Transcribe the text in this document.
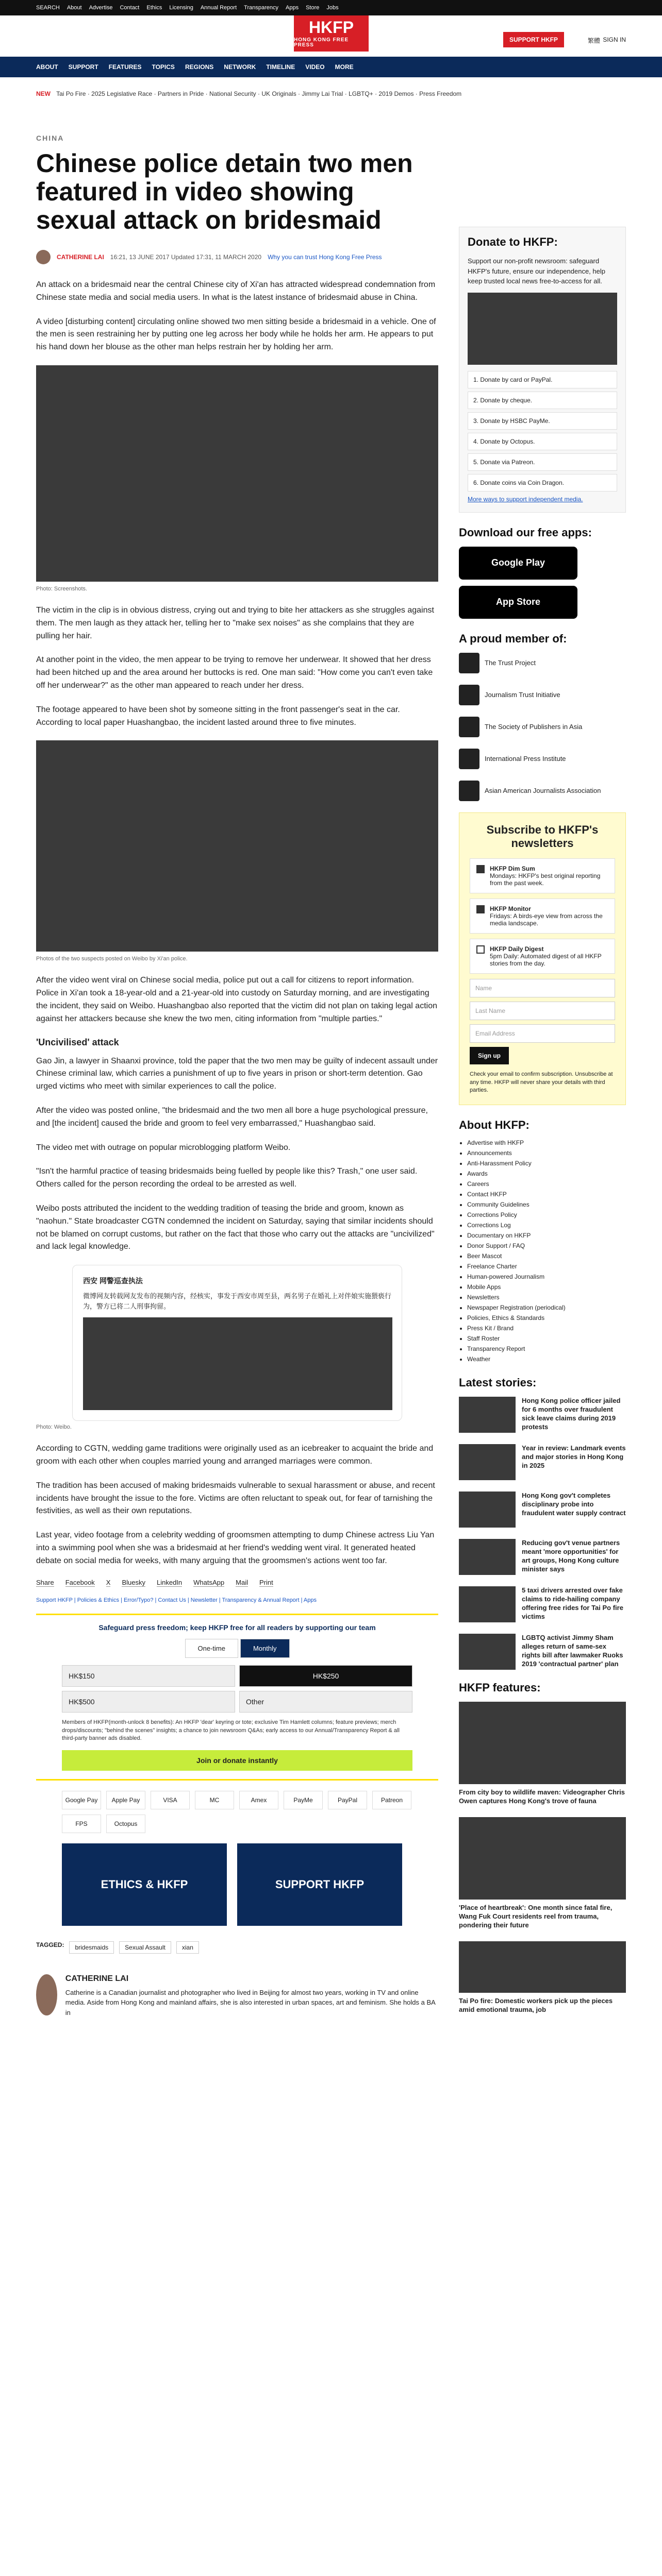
SEARCH About Advertise Contact Ethics Licensing Annual Report Transparency Apps Store Jobs
HKFP
HONG KONG FREE PRESS
SUPPORT HKFP	繁體 SIGN IN
ABOUT SUPPORT FEATURES TOPICS REGIONS NETWORK TIMELINE VIDEO MORE
NEW Tai Po Fire · 2025 Legislative Race · Partners in Pride · National Security · UK Originals · Jimmy Lai Trial · LGBTQ+ · 2019 Demos · Press Freedom
CHINA
Chinese police detain two men featured in video showing sexual attack on bridesmaid
CATHERINE LAI 16:21, 13 JUNE 2017 Updated 17:31, 11 MARCH 2020 Why you can trust Hong Kong Free Press

An attack on a bridesmaid near the central Chinese city of Xi'an has attracted widespread condemnation from Chinese state media and social media users. In what is the latest instance of bridesmaid abuse in China.

A video [disturbing content] circulating online showed two men sitting beside a bridesmaid in a vehicle. One of the men is seen restraining her by putting one leg across her body while he holds her arm. He appears to put his hand down her blouse as the other man helps restrain her by holding her arm.

Photo: Screenshots.

The victim in the clip is in obvious distress, crying out and trying to bite her attackers as she struggles against them. The men laugh as they attack her, telling her to "make sex noises" as she complains that they are pulling her hair.

At another point in the video, the men appear to be trying to remove her underwear. It showed that her dress had been hitched up and the area around her buttocks is red. One man said: "How come you can't even take off her underwear?" as the other man appeared to reach under her dress.

The footage appeared to have been shot by someone sitting in the front passenger's seat in the car. According to local paper Huashangbao, the incident lasted around three to five minutes.

Photos of the two suspects posted on Weibo by Xi'an police.

After the video went viral on Chinese social media, police put out a call for citizens to report information. Police in Xi'an took a 18-year-old and a 21-year-old into custody on Saturday morning, and are investigating the incident, they said on Weibo. Huashangbao also reported that the victim did not plan on taking legal action against her attackers because she knew the two men, citing information from "multiple parties."

'Uncivilised' attack

Gao Jin, a lawyer in Shaanxi province, told the paper that the two men may be guilty of indecent assault under Chinese criminal law, which carries a punishment of up to five years in prison or short-term detention. Gao urged victims who meet with similar experiences to call the police.

After the video was posted online, "the bridesmaid and the two men all bore a huge psychological pressure, and [the incident] caused the bride and groom to feel very embarrassed," Huashangbao said.

The video met with outrage on popular microblogging platform Weibo.

"Isn't the harmful practice of teasing bridesmaids being fuelled by people like this? Trash," one user said. Others called for the person recording the ordeal to be arrested as well.

Weibo posts attributed the incident to the wedding tradition of teasing the bride and groom, known as "naohun." State broadcaster CGTN condemned the incident on Saturday, saying that similar incidents should not be blamed on corrupt customs, but rather on the fact that those who carry out the attacks are "uncivilized" and lack legal knowledge.

西安 网警巡查执法
微博网友转载网友发布的视频内容，经核实，事发于西安市周至县，两名男子在婚礼上对伴娘实施猥亵行为，警方已将二人刑事拘留。
Photo: Weibo.

According to CGTN, wedding game traditions were originally used as an icebreaker to acquaint the bride and groom with each other when couples married young and arranged marriages were common.

The tradition has been accused of making bridesmaids vulnerable to sexual harassment or abuse, and recent incidents have brought the issue to the fore. Victims are often reluctant to speak out, for fear of tarnishing the festivities, as well as their own reputations.

Last year, video footage from a celebrity wedding of groomsmen attempting to dump Chinese actress Liu Yan into a swimming pool when she was a bridesmaid at her friend's wedding went viral. It generated heated debate on social media for weeks, with many arguing that the groomsmen's actions went too far.

Share Facebook X Bluesky LinkedIn WhatsApp Mail Print
Support HKFP | Policies & Ethics | Error/Typo? | Contact Us | Newsletter | Transparency & Annual Report | Apps
Safeguard press freedom; keep HKFP free for all readers by supporting our team
One-time	Monthly
HK$150	HK$250
HK$500	Other
Members of HKFP(month-unlock 8 benefits): An HKFP 'dear' keyring or tote; exclusive Tim Hamlett columns; feature previews; merch drops/discounts; "behind the scenes" insights; a chance to join newsroom Q&As; early access to our Annual/Transparency Report & all third-party banner ads disabled.
Join or donate instantly
Google Pay	Apple Pay	VISA	MC	Amex	PayMe	PayPal	Patreon
FPS	Octopus
ETHICS & HKFP	SUPPORT HKFP
TAGGED:	bridesmaids	Sexual Assault	xian
CATHERINE LAI
Catherine is a Canadian journalist and photographer who lived in Beijing for almost two years, working in TV and online media. Aside from Hong Kong and mainland affairs, she is also interested in urban spaces, art and feminism. She holds a BA in
Donate to HKFP:
Support our non-profit newsroom: safeguard HKFP's future, ensure our independence, help keep trusted local news free-to-access for all.
1. Donate by card or PayPal.
2. Donate by cheque.
3. Donate by HSBC PayMe.
4. Donate by Octopus.
5. Donate via Patreon.
6. Donate coins via Coin Dragon.
More ways to support independent media.
Download our free apps:
Google Play
App Store
A proud member of:
The Trust Project
Journalism Trust Initiative
The Society of Publishers in Asia
International Press Institute
Asian American Journalists Association
Subscribe to HKFP's newsletters
HKFP Dim Sum
Mondays: HKFP's best original reporting from the past week.
HKFP Monitor
Fridays: A birds-eye view from across the media landscape.
HKFP Daily Digest
5pm Daily: Automated digest of all HKFP stories from the day.
Name
Last Name
Email Address
Sign up
Check your email to confirm subscription. Unsubscribe at any time. HKFP will never share your details with third parties.
About HKFP:
• Advertise with HKFP
• Announcements
• Anti-Harassment Policy
• Awards
• Careers
• Contact HKFP
• Community Guidelines
• Corrections Policy
• Corrections Log
• Documentary on HKFP
• Donor Support / FAQ
• Beer Mascot
• Freelance Charter
• Human-powered Journalism
• Mobile Apps
• Newsletters
• Newspaper Registration (periodical)
• Policies, Ethics & Standards
• Press Kit / Brand
• Staff Roster
• Transparency Report
• Weather
Latest stories:
Hong Kong police officer jailed for 6 months over fraudulent sick leave claims during 2019 protests
Year in review: Landmark events and major stories in Hong Kong in 2025
Hong Kong gov't completes disciplinary probe into fraudulent water supply contract
Reducing gov't venue partners meant 'more opportunities' for art groups, Hong Kong culture minister says
5 taxi drivers arrested over fake claims to ride-hailing company offering free rides for Tai Po fire victims
LGBTQ activist Jimmy Sham alleges return of same-sex rights bill after lawmaker Ruoks 2019 'contractual partner' plan
HKFP features:
From city boy to wildlife maven: Videographer Chris Owen captures Hong Kong's trove of fauna
'Place of heartbreak': One month since fatal fire, Wang Fuk Court residents reel from trauma, pondering their future
Tai Po fire: Domestic workers pick up the pieces amid emotional trauma, job
